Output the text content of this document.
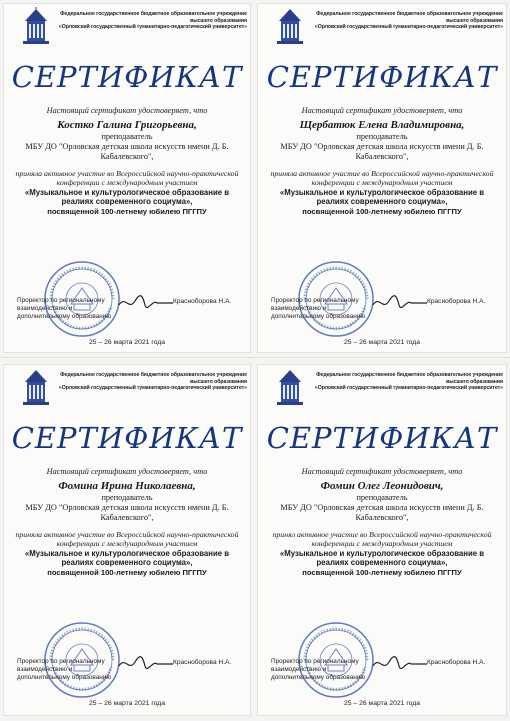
Федеральное государственное бюджетное образовательное учреждение
высшего образования
«Орловский государственный гуманитарно-педагогический университет»
СЕРТИФИКАТ
Настоящий сертификат удостоверяет, что
Костко Галина Григорьевна,
преподаватель
МБУ ДО "Орловская детская школа искусств имени Д. Б. Кабалевского",
приняла активное участие во Всероссийской научно-практической конференции с международным участием
«Музыкальное и культурологическое образование в реалиях современного социума»,
посвященной 100-летнему юбилею ПГГПУ
Проректор по региональному взаимодействию и дополнительному образованию
Красноборова Н.А.
25 – 26 марта 2021 года
Федеральное государственное бюджетное образовательное учреждение
высшего образования
«Орловский государственный гуманитарно-педагогический университет»
СЕРТИФИКАТ
Настоящий сертификат удостоверяет, что
Щербатюк Елена Владимировна,
преподаватель
МБУ ДО "Орловская детская школа искусств имени Д. Б. Кабалевского",
приняла активное участие во Всероссийской научно-практической конференции с международным участием
«Музыкальное и культурологическое образование в реалиях современного социума»,
посвященной 100-летнему юбилею ПГГПУ
Проректор по региональному взаимодействию и дополнительному образованию
Красноборова Н.А.
25 – 26 марта 2021 года
Федеральное государственное бюджетное образовательное учреждение
высшего образования
«Орловский государственный гуманитарно-педагогический университет»
СЕРТИФИКАТ
Настоящий сертификат удостоверяет, что
Фомина Ирина Николаевна,
преподаватель
МБУ ДО "Орловская детская школа искусств имени Д. Б. Кабалевского",
приняла активное участие во Всероссийской научно-практической конференции с международным участием
«Музыкальное и культурологическое образование в реалиях современного социума»,
посвященной 100-летнему юбилею ПГГПУ
Проректор по региональному взаимодействию и дополнительному образованию
Красноборова Н.А.
25 – 26 марта 2021 года
Федеральное государственное бюджетное образовательное учреждение
высшего образования
«Орловский государственный гуманитарно-педагогический университет»
СЕРТИФИКАТ
Настоящий сертификат удостоверяет, что
Фомин Олег Леонидович,
преподаватель
МБУ ДО "Орловская детская школа искусств имени Д. Б. Кабалевского",
принял активное участие во Всероссийской научно-практической конференции с международным участием
«Музыкальное и культурологическое образование в реалиях современного социума»,
посвященной 100-летнему юбилею ПГГПУ
Проректор по региональному взаимодействию и дополнительному образованию
Красноборова Н.А.
25 – 26 марта 2021 года
